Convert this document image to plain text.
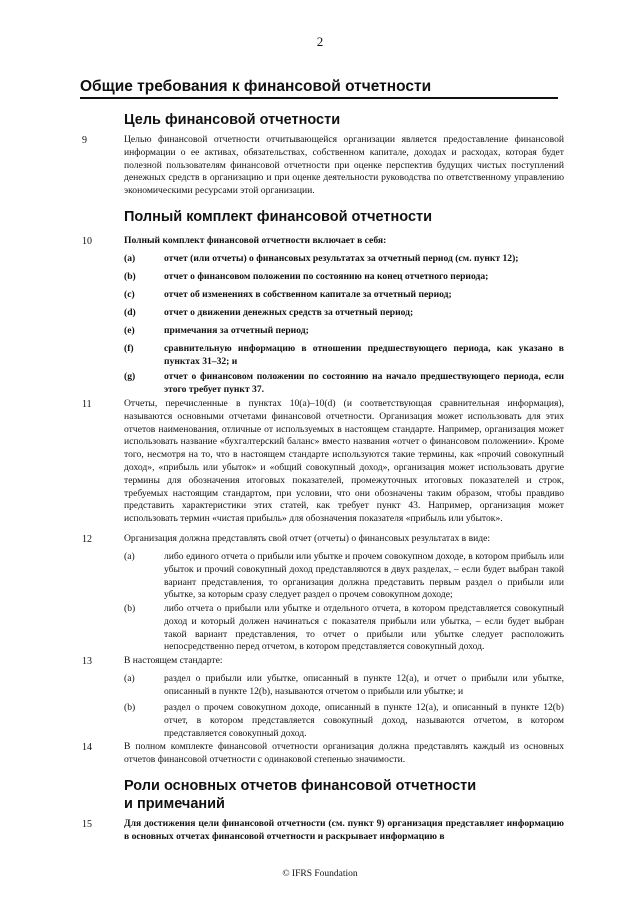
2
Общие требования к финансовой отчетности
Цель финансовой отчетности
9	Целью финансовой отчетности отчитывающейся организации является предоставление финансовой информации о ее активах, обязательствах, собственном капитале, доходах и расходах, которая будет полезной пользователям финансовой отчетности при оценке перспектив будущих чистых поступлений денежных средств в организацию и при оценке деятельности руководства по ответственному управлению экономическими ресурсами этой организации.
Полный комплект финансовой отчетности
10	Полный комплект финансовой отчетности включает в себя:
(a)	отчет (или отчеты) о финансовых результатах за отчетный период (см. пункт 12);
(b)	отчет о финансовом положении по состоянию на конец отчетного периода;
(c)	отчет об изменениях в собственном капитале за отчетный период;
(d)	отчет о движении денежных средств за отчетный период;
(e)	примечания за отчетный период;
(f)	сравнительную информацию в отношении предшествующего периода, как указано в пунктах 31–32; и
(g)	отчет о финансовом положении по состоянию на начало предшествующего периода, если этого требует пункт 37.
11	Отчеты, перечисленные в пунктах 10(a)–10(d) (и соответствующая сравнительная информация), называются основными отчетами финансовой отчетности. Организация может использовать для этих отчетов наименования, отличные от используемых в настоящем стандарте. Например, организация может использовать название «бухгалтерский баланс» вместо названия «отчет о финансовом положении». Кроме того, несмотря на то, что в настоящем стандарте используются такие термины, как «прочий совокупный доход», «прибыль или убыток» и «общий совокупный доход», организация может использовать другие термины для обозначения итоговых показателей, промежуточных итоговых показателей и строк, требуемых настоящим стандартом, при условии, что они обозначены таким образом, чтобы правдиво представить характеристики этих статей, как требует пункт 43. Например, организация может использовать термин «чистая прибыль» для обозначения показателя «прибыль или убыток».
12	Организация должна представлять свой отчет (отчеты) о финансовых результатах в виде:
(a)	либо единого отчета о прибыли или убытке и прочем совокупном доходе, в котором прибыль или убыток и прочий совокупный доход представляются в двух разделах, – если будет выбран такой вариант представления, то организация должна представить первым раздел о прибыли или убытке, за которым сразу следует раздел о прочем совокупном доходе;
(b)	либо отчета о прибыли или убытке и отдельного отчета, в котором представляется совокупный доход и который должен начинаться с показателя прибыли или убытка, – если будет выбран такой вариант представления, то отчет о прибыли или убытке следует расположить непосредственно перед отчетом, в котором представляется совокупный доход.
13	В настоящем стандарте:
(a)	раздел о прибыли или убытке, описанный в пункте 12(a), и отчет о прибыли или убытке, описанный в пункте 12(b), называются отчетом о прибыли или убытке; и
(b)	раздел о прочем совокупном доходе, описанный в пункте 12(a), и описанный в пункте 12(b) отчет, в котором представляется совокупный доход, называются отчетом, в котором представляется совокупный доход.
14	В полном комплекте финансовой отчетности организация должна представлять каждый из основных отчетов финансовой отчетности с одинаковой степенью значимости.
Роли основных отчетов финансовой отчетности и примечаний
15	Для достижения цели финансовой отчетности (см. пункт 9) организация представляет информацию в основных отчетах финансовой отчетности и раскрывает информацию в
© IFRS Foundation
